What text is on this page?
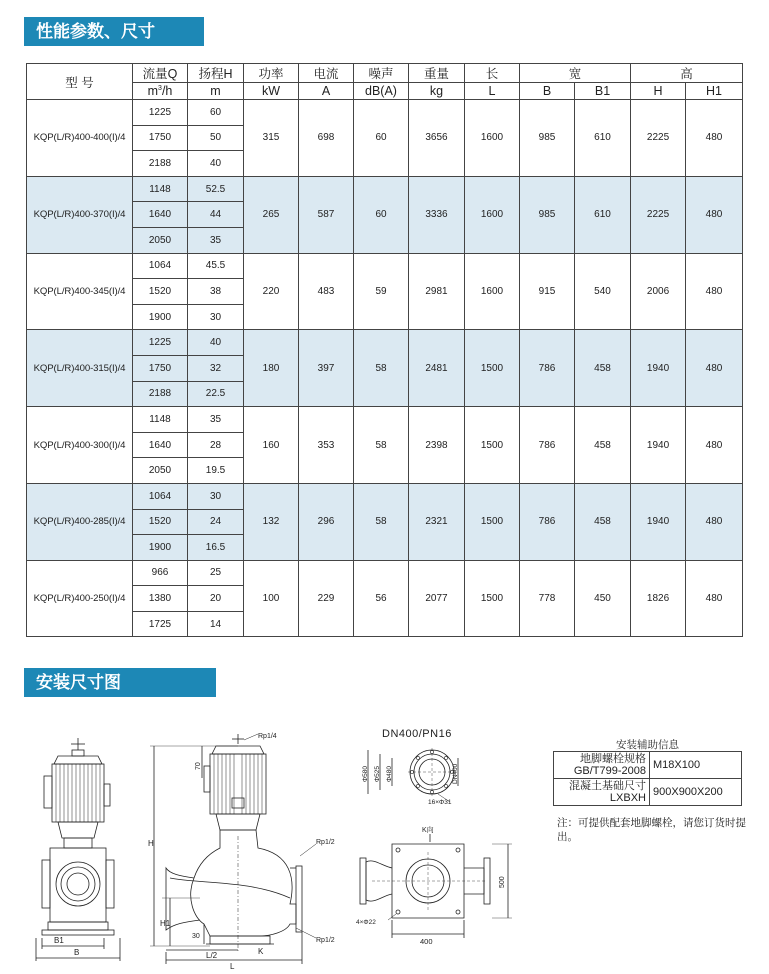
性能参数、尺寸
型 号	流量Q	扬程H	功率	电流	噪声	重量	长	宽		高	
	$m^3/h$	m	kW	A	dB(A)	kg	L	B	B1	H	H1
KQP(L/R)400-400(I)/4	1225	60	315	698	60	3656	1600	985	610	2225	480
	1750	50									
	2188	40									
KQP(L/R)400-370(I)/4	1148	52.5	265	587	60	3336	1600	985	610	2225	480
	1640	44									
	2050	35									
KQP(L/R)400-345(I)/4	1064	45.5	220	483	59	2981	1600	915	540	2006	480
	1520	38									
	1900	30									
KQP(L/R)400-315(I)/4	1225	40	180	397	58	2481	1500	786	458	1940	480
	1750	32									
	2188	22.5									
KQP(L/R)400-300(I)/4	1148	35	160	353	58	2398	1500	786	458	1940	480
	1640	28									
	2050	19.5									
KQP(L/R)400-285(I)/4	1064	30	132	296	58	2321	1500	786	458	1940	480
	1520	24									
	1900	16.5									
KQP(L/R)400-250(I)/4	966	25	100	229	56	2077	1500	778	450	1826	480
	1380	20									
	1725	14									
安装尺寸图
B1
B
Rp1/4
70
H
H1
30
Rp1/2
Rp1/2
L/2	K
L
DN400/PN16
Φ580 Φ525 Φ480	DN400
16×Φ31
K向
4×Φ22
400
500
安装辅助信息
地脚螺栓规格 GB/T799-2008	M18X100
混凝土基础尺寸 LXBXH	900X900X200
注：可提供配套地脚螺栓，请您订货时提出。
